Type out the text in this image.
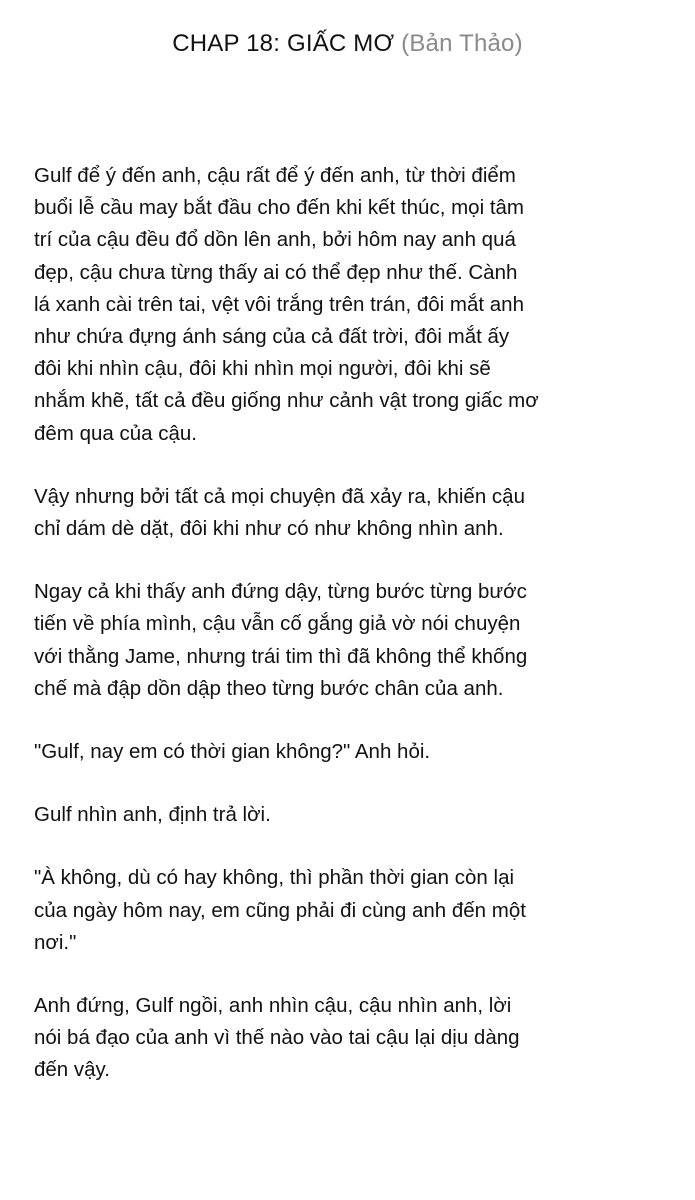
CHAP 18: GIẤC MƠ (Bản Thảo)
Gulf để ý đến anh, cậu rất để ý đến anh, từ thời điểm
buổi lễ cầu may bắt đầu cho đến khi kết thúc, mọi tâm
trí của cậu đều đổ dồn lên anh, bởi hôm nay anh quá
đẹp, cậu chưa từng thấy ai có thể đẹp như thế. Cành
lá xanh cài trên tai, vệt vôi trắng trên trán, đôi mắt anh
như chứa đựng ánh sáng của cả đất trời, đôi mắt ấy
đôi khi nhìn cậu, đôi khi nhìn mọi người, đôi khi sẽ
nhắm khẽ, tất cả đều giống như cảnh vật trong giấc mơ
đêm qua của cậu.
Vậy nhưng bởi tất cả mọi chuyện đã xảy ra, khiến cậu
chỉ dám dè dặt, đôi khi như có như không nhìn anh.
Ngay cả khi thấy anh đứng dậy, từng bước từng bước
tiến về phía mình, cậu vẫn cố gắng giả vờ nói chuyện
với thằng Jame, nhưng trái tim thì đã không thể khống
chế mà đập dồn dập theo từng bước chân của anh.
"Gulf, nay em có thời gian không?" Anh hỏi.
Gulf nhìn anh, định trả lời.
"À không, dù có hay không, thì phần thời gian còn lại
của ngày hôm nay, em cũng phải đi cùng anh đến một
nơi."
Anh đứng, Gulf ngồi, anh nhìn cậu, cậu nhìn anh, lời
nói bá đạo của anh vì thế nào vào tai cậu lại dịu dàng
đến vậy.
